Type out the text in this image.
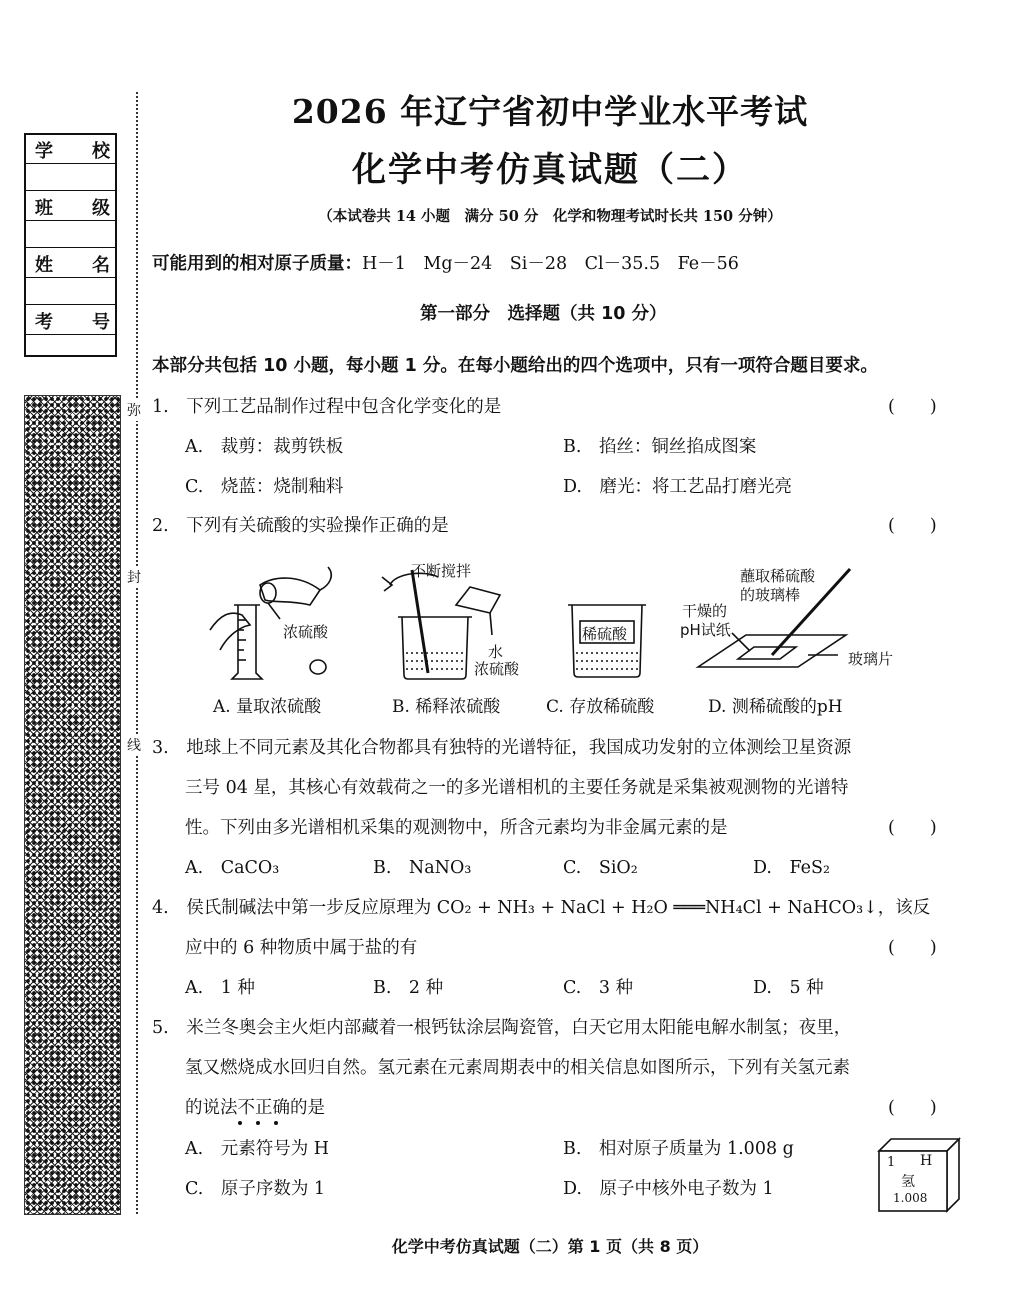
学 校
班 级
姓 名
考 号
弥
封
线
2026 年辽宁省初中学业水平考试
化学中考仿真试题（二）
（本试卷共 14 小题　满分 50 分　化学和物理考试时长共 150 分钟）
可能用到的相对原子质量：H－1　Mg－24　Si－28　Cl－35.5　Fe－56
第一部分　选择题（共 10 分）
本部分共包括 10 小题，每小题 1 分。在每小题给出的四个选项中，只有一项符合题目要求。
1.　下列工艺品制作过程中包含化学变化的是	(　　)
A.　裁剪：裁剪铁板	B.　掐丝：铜丝掐成图案
C.　烧蓝：烧制釉料	D.　磨光：将工艺品打磨光亮
2.　下列有关硫酸的实验操作正确的是	(　　)
浓硫酸
不断搅拌
水
浓硫酸
稀硫酸
蘸取稀硫酸
的玻璃棒
干燥的
pH试纸
玻璃片
A. 量取浓硫酸	B. 稀释浓硫酸	C. 存放稀硫酸	D. 测稀硫酸的pH
3.　地球上不同元素及其化合物都具有独特的光谱特征，我国成功发射的立体测绘卫星资源
三号 04 星，其核心有效载荷之一的多光谱相机的主要任务就是采集被观测物的光谱特
性。下列由多光谱相机采集的观测物中，所含元素均为非金属元素的是	(　　)
A.　CaCO₃	B.　NaNO₃	C.　SiO₂	D.　FeS₂
4.　侯氏制碱法中第一步反应原理为 CO₂ + NH₃ + NaCl + H₂O ═══NH₄Cl + NaHCO₃↓，该反
应中的 6 种物质中属于盐的有	(　　)
A.　1 种	B.　2 种	C.　3 种	D.　5 种
5.　米兰冬奥会主火炬内部藏着一根钙钛涂层陶瓷管，白天它用太阳能电解水制氢；夜里，
氢又燃烧成水回归自然。氢元素在元素周期表中的相关信息如图所示，下列有关氢元素
的说法不正确的是	(　　)
A.　元素符号为 H	B.　相对原子质量为 1.008 g
C.　原子序数为 1	D.　原子中核外电子数为 1
1 H
氢
1.008
化学中考仿真试题（二）第 1 页（共 8 页）
